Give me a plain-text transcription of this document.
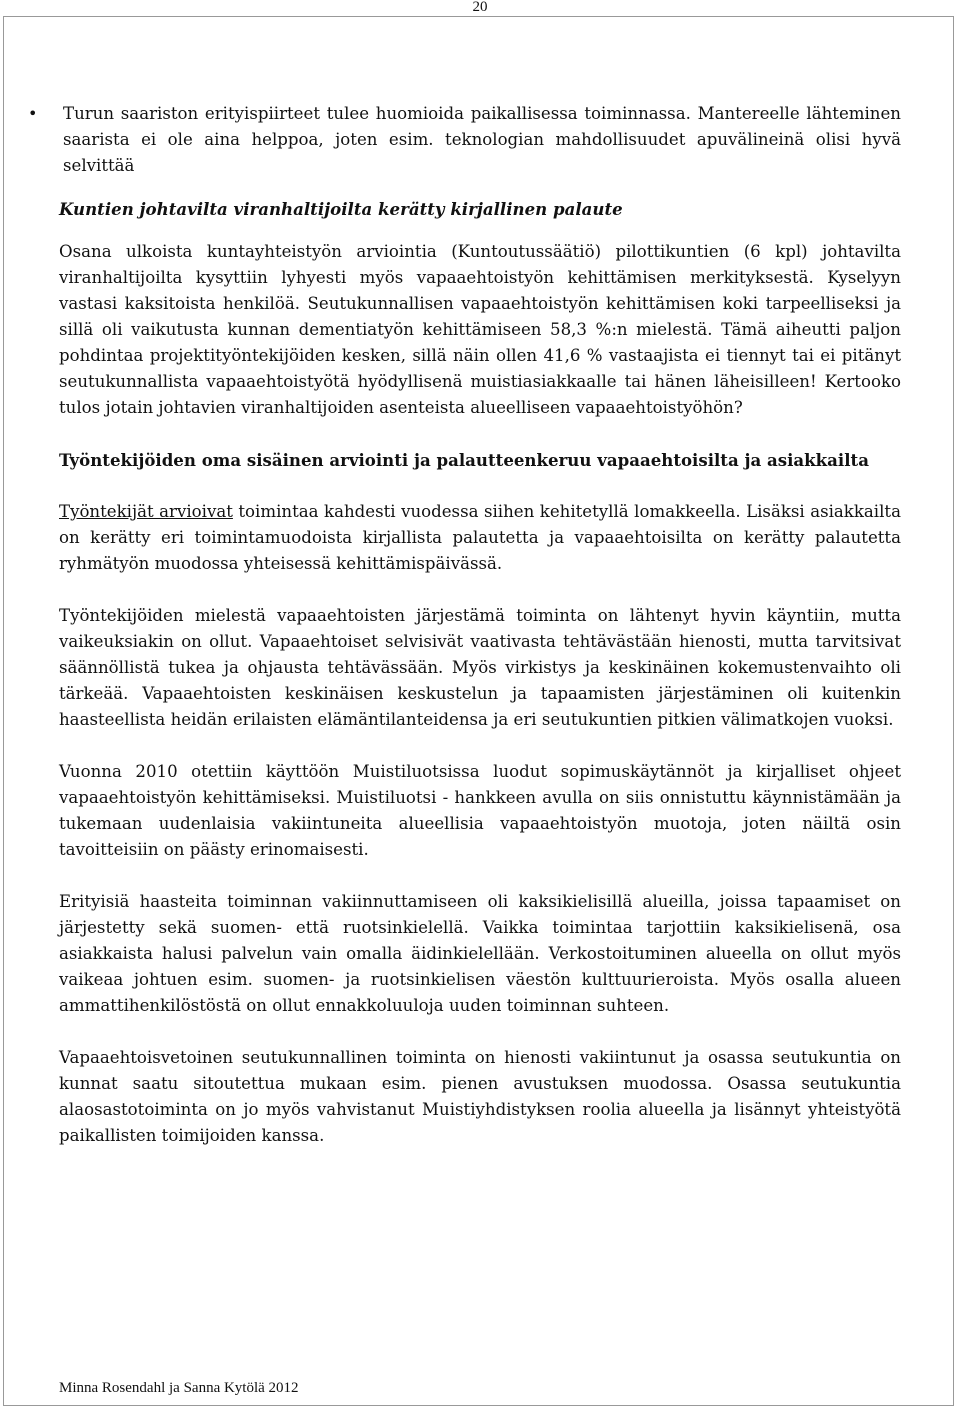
20
• Turun saariston erityispiirteet tulee huomioida paikallisessa toiminnassa. Mantereelle lähteminen saarista ei ole aina helppoa, joten esim. teknologian mahdollisuudet apuvälineinä olisi hyvä selvittää

Kuntien johtavilta viranhaltijoilta kerätty kirjallinen palaute

Osana ulkoista kuntayhteistyön arviointia (Kuntoutussäätiö) pilottikuntien (6 kpl) johtavilta viranhaltijoilta kysyttiin lyhyesti myös vapaaehtoistyön kehittämisen merkityksestä. Kyselyyn vastasi kaksitoista henkilöä. Seutukunnallisen vapaaehtoistyön kehittämisen koki tarpeelliseksi ja sillä oli vaikutusta kunnan dementiatyön kehittämiseen 58,3 %:n mielestä. Tämä aiheutti paljon pohdintaa projektityöntekijöiden kesken, sillä näin ollen 41,6 % vastaajista ei tiennyt tai ei pitänyt seutukunnallista vapaaehtoistyötä hyödyllisenä muistiasiakkaalle tai hänen läheisilleen! Kertooko tulos jotain johtavien viranhaltijoiden asenteista alueelliseen vapaaehtoistyöhön?

Työntekijöiden oma sisäinen arviointi ja palautteenkeruu vapaaehtoisilta ja asiakkailta

Työntekijät arvioivat toimintaa kahdesti vuodessa siihen kehitetyllä lomakkeella. Lisäksi asiakkailta on kerätty eri toimintamuodoista kirjallista palautetta ja vapaaehtoisilta on kerätty palautetta ryhmätyön muodossa yhteisessä kehittämispäivässä.

Työntekijöiden mielestä vapaaehtoisten järjestämä toiminta on lähtenyt hyvin käyntiin, mutta vaikeuksiakin on ollut. Vapaaehtoiset selvisivät vaativasta tehtävästään hienosti, mutta tarvitsivat säännöllistä tukea ja ohjausta tehtävässään. Myös virkistys ja keskinäinen kokemustenvaihto oli tärkeää. Vapaaehtoisten keskinäisen keskustelun ja tapaamisten järjestäminen oli kuitenkin haasteellista heidän erilaisten elämäntilanteidensa ja eri seutukuntien pitkien välimatkojen vuoksi.

Vuonna 2010 otettiin käyttöön Muistiluotsissa luodut sopimuskäytännöt ja kirjalliset ohjeet vapaaehtoistyön kehittämiseksi. Muistiluotsi - hankkeen avulla on siis onnistuttu käynnistämään ja tukemaan uudenlaisia vakiintuneita alueellisia vapaaehtoistyön muotoja, joten näiltä osin tavoitteisiin on päästy erinomaisesti.

Erityisiä haasteita toiminnan vakiinnuttamiseen oli kaksikielisillä alueilla, joissa tapaamiset on järjestetty sekä suomen- että ruotsinkielellä. Vaikka toimintaa tarjottiin kaksikielisenä, osa asiakkaista halusi palvelun vain omalla äidinkielellään. Verkostoituminen alueella on ollut myös vaikeaa johtuen esim. suomen- ja ruotsinkielisen väestön kulttuurieroista. Myös osalla alueen ammattihenkilöstöstä on ollut ennakkoluuloja uuden toiminnan suhteen.

Vapaaehtoisvetoinen seutukunnallinen toiminta on hienosti vakiintunut ja osassa seutukuntia on kunnat saatu sitoutettua mukaan esim. pienen avustuksen muodossa. Osassa seutukuntia alaosastotoiminta on jo myös vahvistanut Muistiyhdistyksen roolia alueella ja lisännyt yhteistyötä paikallisten toimijoiden kanssa.

Minna Rosendahl ja Sanna Kytölä 2012
